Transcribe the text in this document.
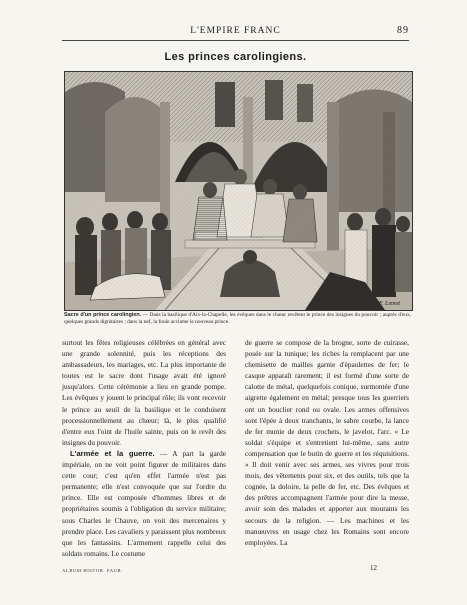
L'EMPIRE FRANC	89
Les princes carolingiens.
F. Lemot
Sacre d'un prince carolingien. — Dans la basilique d'Aix-la-Chapelle, les évêques dans le chœur revêtent le prince des insignes du pouvoir ; auprès d'eux, quelques grands dignitaires ; dans la nef, la foule acclame le nouveau prince.

surtout les fêtes religieuses célébrées en général avec une grande solennité, puis les réceptions des ambassadeurs, les mariages, etc. La plus importante de toutes est le sacre dont l'usage avait été ignoré jusqu'alors. Cette cérémonie a lieu en grande pompe. Les évêques y jouent le principal rôle; ils vont recevoir le prince au seuil de la basilique et le conduisent processionnellement au chœur; là, le plus qualifié d'entre eux l'oint de l'huile sainte, puis on le revêt des insignes du pouvoir.

L'armée et la guerre. — A part la garde impériale, on ne voit point figurer de militaires dans cette cour; c'est qu'en effet l'armée n'est pas permanente; elle n'est convoquée que sur l'ordre du prince. Elle est composée d'hommes libres et de propriétaires soumis à l'obligation du service militaire; sous Charles le Chauve, on voit des mercenaires y prendre place. Les cavaliers y paraissent plus nombreux que les fantassins. L'armement rappelle celui des soldats romains. Le costume

de guerre se compose de la brogne, sorte de cuirasse, posée sur la tunique; les riches la remplacent par une chemisette de mailles garnie d'épaulettes de fer; le casque apparaît rarement; il est formé d'une sorte de calotte de métal, quelquefois conique, surmontée d'une aigrette également en métal; presque tous les guerriers ont un bouclier rond ou ovale. Les armes offensives sont l'épée à deux tranchants, le sabre courbe, la lance de fer munie de deux crochets, le javelot, l'arc. « Le soldat s'équipe et s'entretient lui-même, sans autre compensation que le butin de guerre et les réquisitions. » Il doit venir avec ses armes, ses vivres pour trois mois, des vêtements pour six, et des outils, tels que la cognée, la doloire, la pelle de fer, etc. Des évêques et des prêtres accompagnent l'armée pour dire la messe, avoir soin des malades et apporter aux mourants les secours de la religion. — Les machines et les manœuvres en usage chez les Romains sont encore employées. La

ALBUM HISTOR. FAUR.	12
